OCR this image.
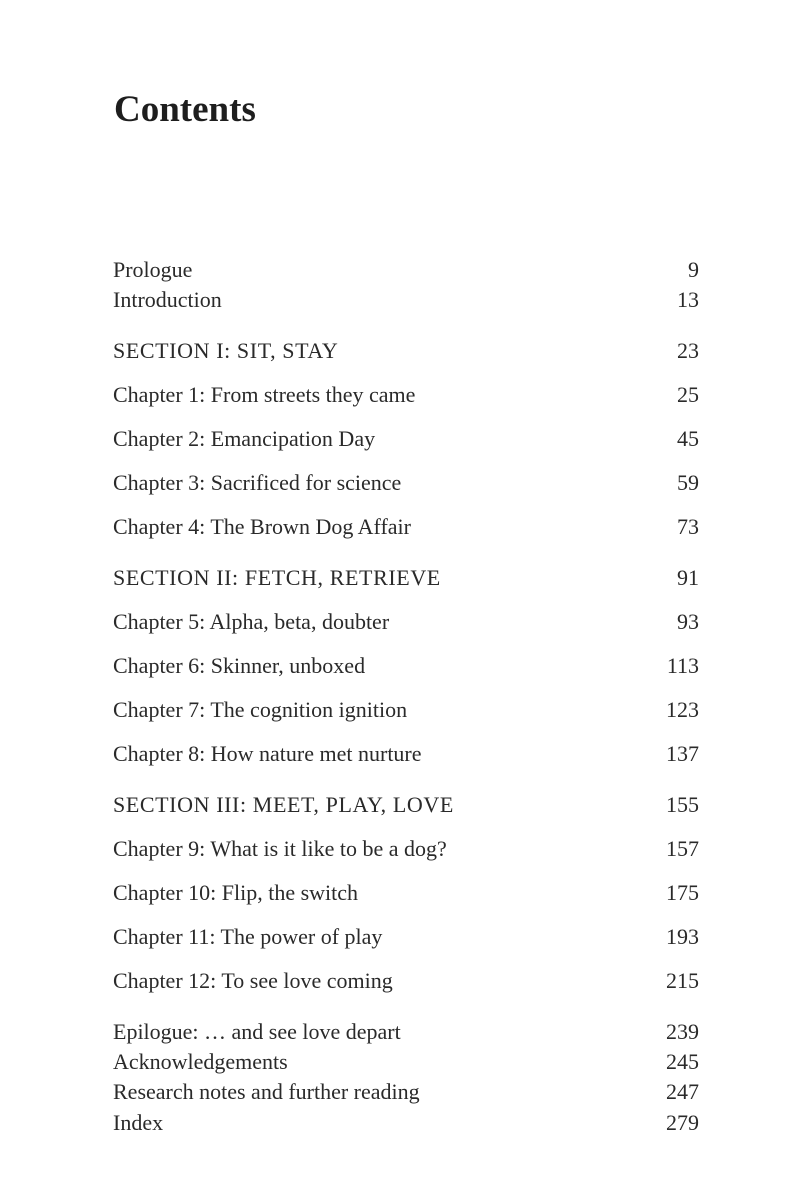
Contents
Prologue	9
Introduction	13
SECTION I: SIT, STAY	23
Chapter 1: From streets they came	25
Chapter 2: Emancipation Day	45
Chapter 3: Sacrificed for science	59
Chapter 4: The Brown Dog Affair	73
SECTION II: FETCH, RETRIEVE	91
Chapter 5: Alpha, beta, doubter	93
Chapter 6: Skinner, unboxed	113
Chapter 7: The cognition ignition	123
Chapter 8: How nature met nurture	137
SECTION III: MEET, PLAY, LOVE	155
Chapter 9: What is it like to be a dog?	157
Chapter 10: Flip, the switch	175
Chapter 11: The power of play	193
Chapter 12: To see love coming	215
Epilogue: … and see love depart	239
Acknowledgements	245
Research notes and further reading	247
Index	279
